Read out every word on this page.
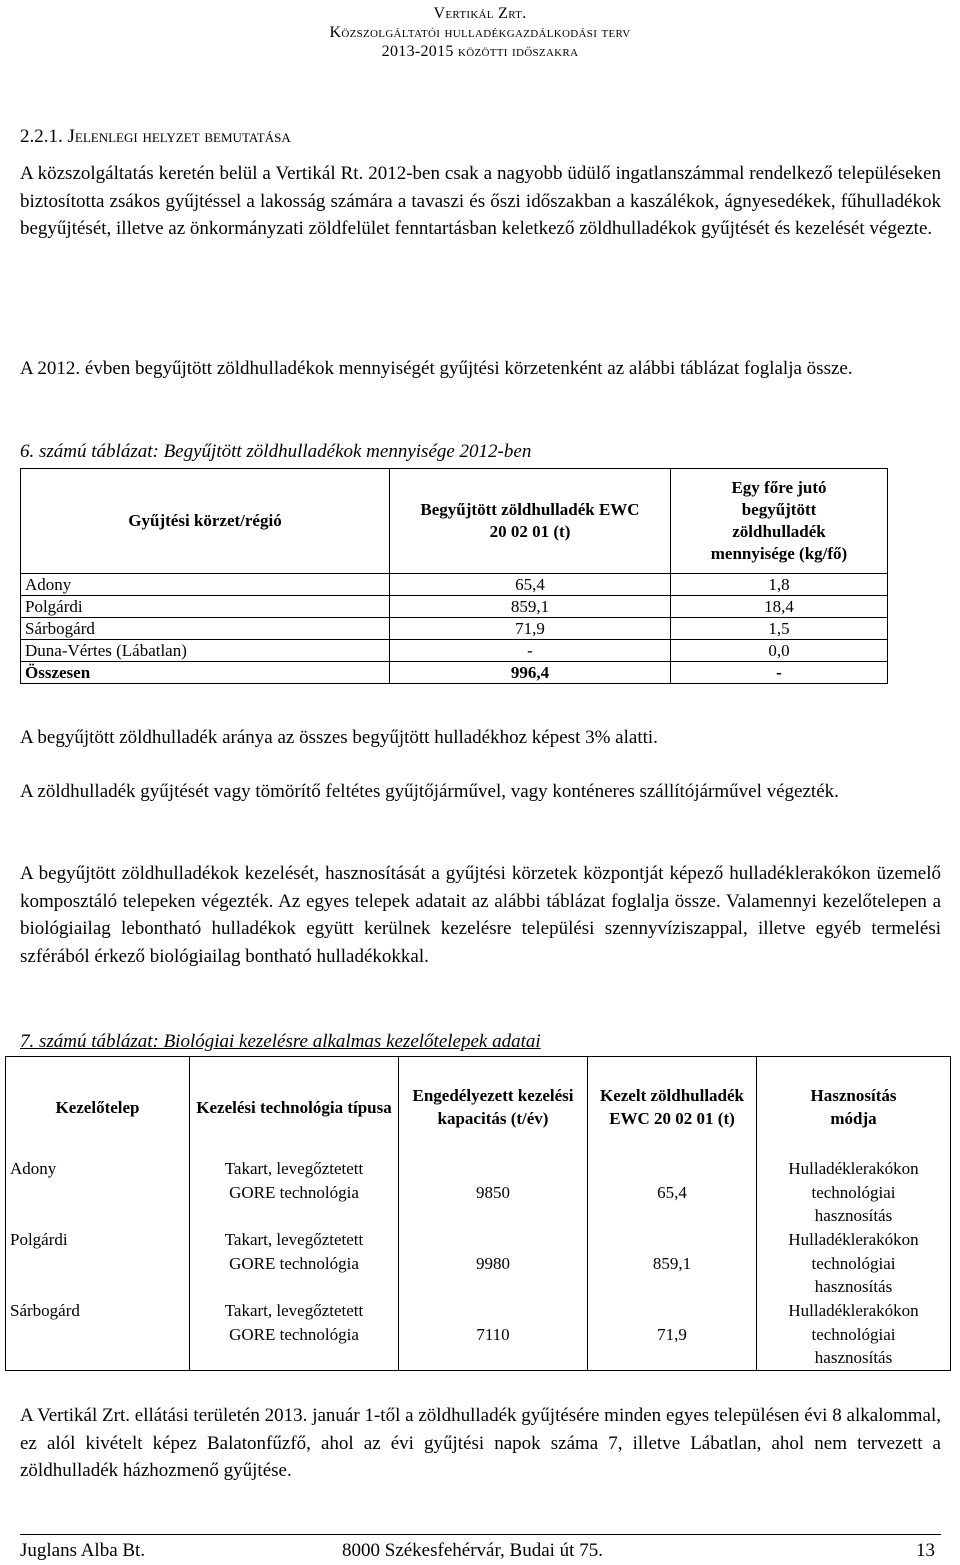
Vertikál Zrt.
Közszolgáltatói hulladékgazdálkodási terv
2013-2015 közötti időszakra
2.2.1. Jelenlegi helyzet bemutatása

A közszolgáltatás keretén belül a Vertikál Rt. 2012-ben csak a nagyobb üdülő ingatlanszámmal rendelkező településeken biztosította zsákos gyűjtéssel a lakosság számára a tavaszi és őszi időszakban a kaszálékok, ágnyesedékek, fűhulladékok begyűjtését, illetve az önkormányzati zöldfelület fenntartásban keletkező zöldhulladékok gyűjtését és kezelését végezte.

A 2012. évben begyűjtött zöldhulladékok mennyiségét gyűjtési körzetenként az alábbi táblázat foglalja össze.

6. számú táblázat: Begyűjtött zöldhulladékok mennyisége 2012-ben
Gyűjtési körzet/régió	Begyűjtött zöldhulladék EWC 20 02 01 (t)	Egy főre jutó begyűjtött zöldhulladék mennyisége (kg/fő)
Adony	65,4	1,8
Polgárdi	859,1	18,4
Sárbogárd	71,9	1,5
Duna-Vértes (Lábatlan)	-	0,0
Összesen	996,4	-

A begyűjtött zöldhulladék aránya az összes begyűjtött hulladékhoz képest 3% alatti.

A zöldhulladék gyűjtését vagy tömörítő feltétes gyűjtőjárművel, vagy konténeres szállítójárművel végezték.

A begyűjtött zöldhulladékok kezelését, hasznosítását a gyűjtési körzetek központját képező hulladéklerakókon üzemelő komposztáló telepeken végezték. Az egyes telepek adatait az alábbi táblázat foglalja össze. Valamennyi kezelőtelepen a biológiailag lebontható hulladékok együtt kerülnek kezelésre települési szennyvíziszappal, illetve egyéb termelési szférából érkező biológiailag bontható hulladékokkal.

7. számú táblázat: Biológiai kezelésre alkalmas kezelőtelepek adatai
Kezelőtelep	Kezelési technológia típusa	Engedélyezett kezelési kapacitás (t/év)	Kezelt zöldhulladék EWC 20 02 01 (t)	Hasznosítás módja
Adony	Takart, levegőztetett GORE technológia	9850	65,4	Hulladéklerakókon technológiai hasznosítás
Polgárdi	Takart, levegőztetett GORE technológia	9980	859,1	Hulladéklerakókon technológiai hasznosítás
Sárbogárd	Takart, levegőztetett GORE technológia	7110	71,9	Hulladéklerakókon technológiai hasznosítás

A Vertikál Zrt. ellátási területén 2013. január 1-től a zöldhulladék gyűjtésére minden egyes településen évi 8 alkalommal, ez alól kivételt képez Balatonfűzfő, ahol az évi gyűjtési napok száma 7, illetve Lábatlan, ahol nem tervezett a zöldhulladék házhozmenő gyűjtése.

Juglans Alba Bt.	8000 Székesfehérvár, Budai út 75.	13
